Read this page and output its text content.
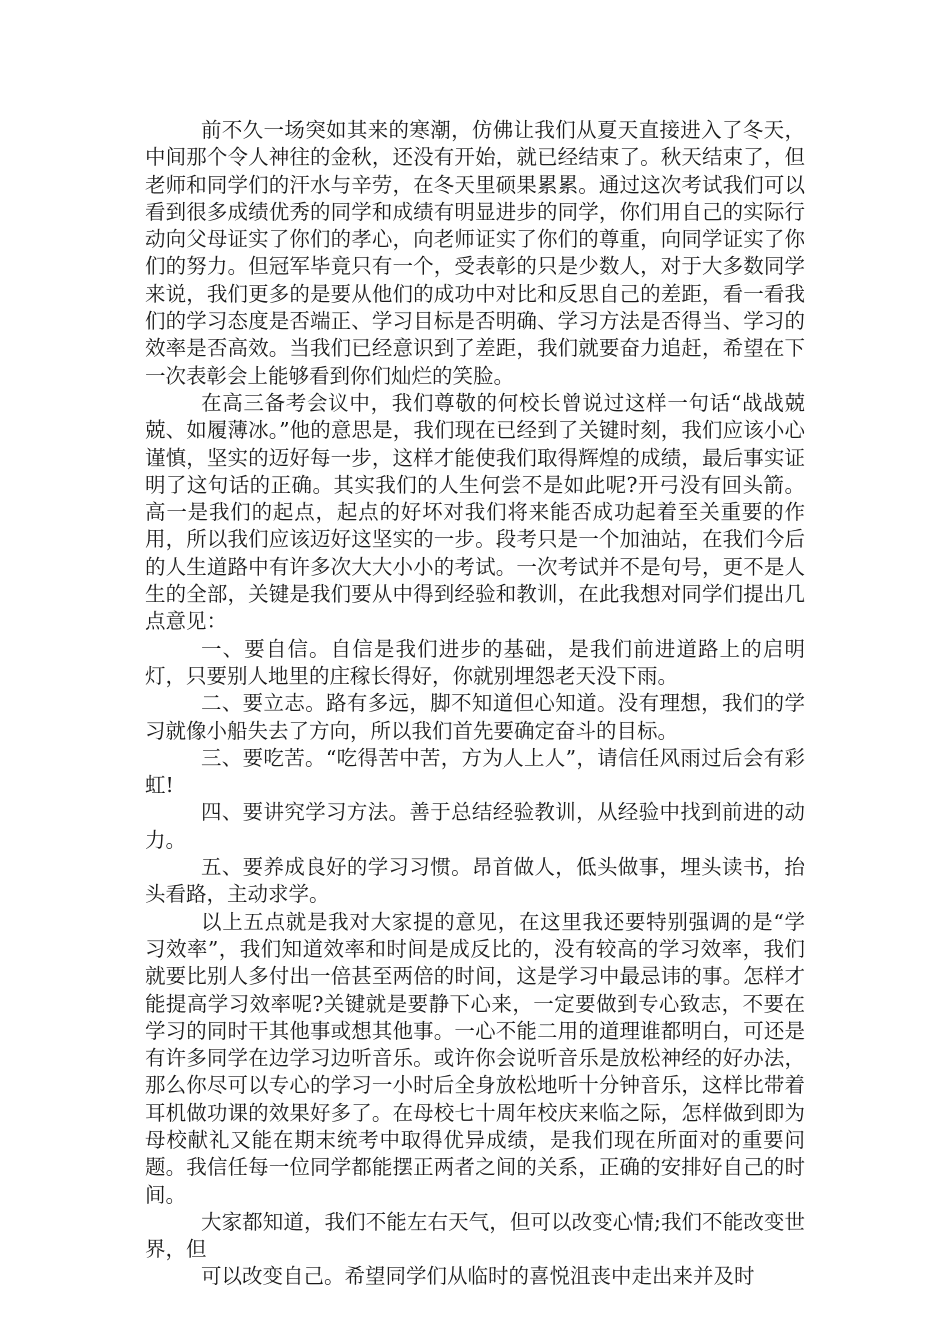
前不久一场突如其来的寒潮，仿佛让我们从夏天直接进入了冬天，中间那个令人神往的金秋，还没有开始，就已经结束了。秋天结束了，但老师和同学们的汗水与辛劳，在冬天里硕果累累。通过这次考试我们可以看到很多成绩优秀的同学和成绩有明显进步的同学，你们用自己的实际行动向父母证实了你们的孝心，向老师证实了你们的尊重，向同学证实了你们的努力。但冠军毕竟只有一个，受表彰的只是少数人，对于大多数同学来说，我们更多的是要从他们的成功中对比和反思自己的差距，看一看我们的学习态度是否端正、学习目标是否明确、学习方法是否得当、学习的效率是否高效。当我们已经意识到了差距，我们就要奋力追赶，希望在下一次表彰会上能够看到你们灿烂的笑脸。

在高三备考会议中，我们尊敬的何校长曾说过这样一句话“战战兢兢、如履薄冰。”他的意思是，我们现在已经到了关键时刻，我们应该小心谨慎，坚实的迈好每一步，这样才能使我们取得辉煌的成绩，最后事实证明了这句话的正确。其实我们的人生何尝不是如此呢?开弓没有回头箭。高一是我们的起点，起点的好坏对我们将来能否成功起着至关重要的作用，所以我们应该迈好这坚实的一步。段考只是一个加油站，在我们今后的人生道路中有许多次大大小小的考试。一次考试并不是句号，更不是人生的全部，关键是我们要从中得到经验和教训，在此我想对同学们提出几点意见：

一、要自信。自信是我们进步的基础，是我们前进道路上的启明灯，只要别人地里的庄稼长得好，你就别埋怨老天没下雨。

二、要立志。路有多远，脚不知道但心知道。没有理想，我们的学习就像小船失去了方向，所以我们首先要确定奋斗的目标。

三、要吃苦。“吃得苦中苦，方为人上人”，请信任风雨过后会有彩虹!

四、要讲究学习方法。善于总结经验教训，从经验中找到前进的动力。

五、要养成良好的学习习惯。昂首做人，低头做事，埋头读书，抬头看路，主动求学。

以上五点就是我对大家提的意见，在这里我还要特别强调的是“学习效率”，我们知道效率和时间是成反比的，没有较高的学习效率，我们就要比别人多付出一倍甚至两倍的时间，这是学习中最忌讳的事。怎样才能提高学习效率呢?关键就是要静下心来，一定要做到专心致志，不要在学习的同时干其他事或想其他事。一心不能二用的道理谁都明白，可还是有许多同学在边学习边听音乐。或许你会说听音乐是放松神经的好办法，那么你尽可以专心的学习一小时后全身放松地听十分钟音乐，这样比带着耳机做功课的效果好多了。在母校七十周年校庆来临之际，怎样做到即为母校献礼又能在期末统考中取得优异成绩，是我们现在所面对的重要问题。我信任每一位同学都能摆正两者之间的关系，正确的安排好自己的时间。

大家都知道，我们不能左右天气，但可以改变心情;我们不能改变世界，但

可以改变自己。希望同学们从临时的喜悦沮丧中走出来并及时
